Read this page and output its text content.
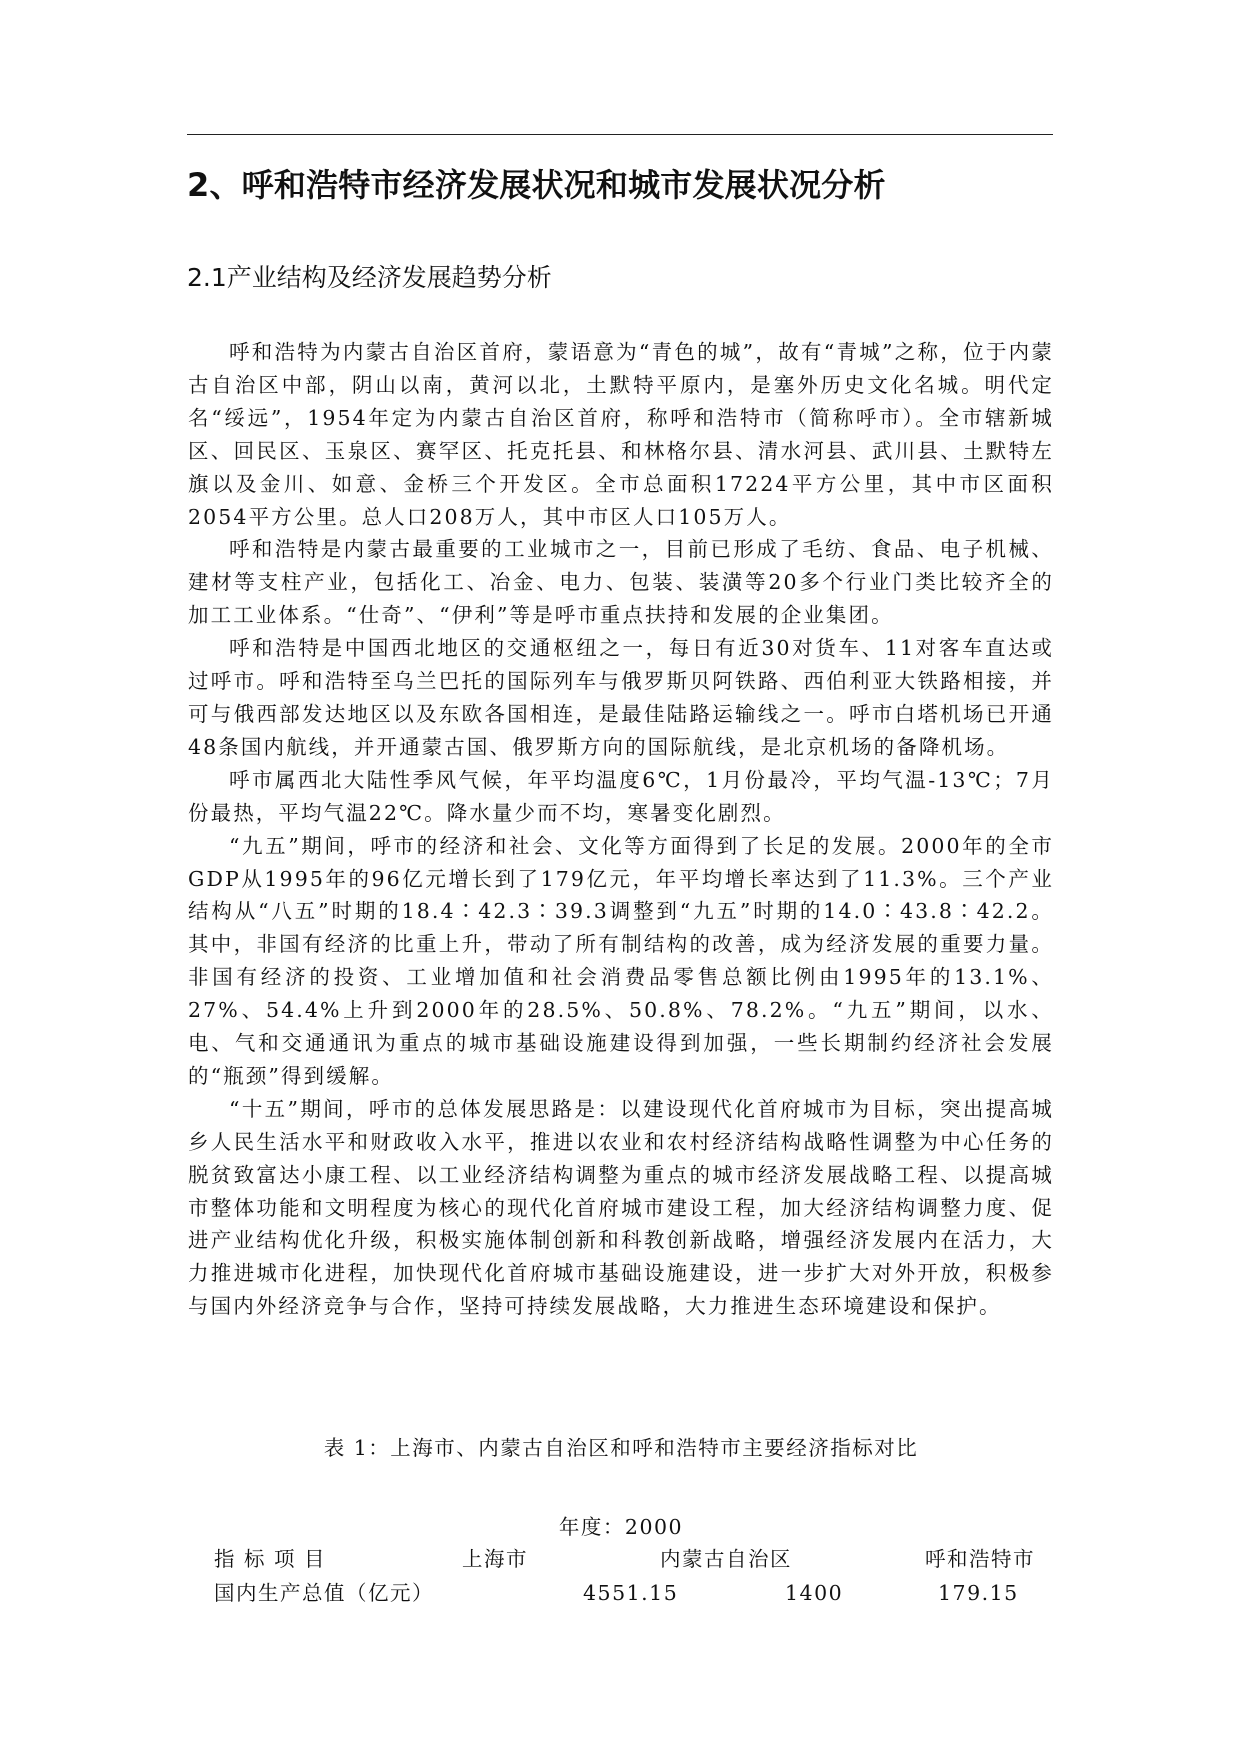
2、呼和浩特市经济发展状况和城市发展状况分析
2.1产业结构及经济发展趋势分析

呼和浩特为内蒙古自治区首府，蒙语意为“青色的城”，故有“青城”之称，位于内蒙古自治区中部，阴山以南，黄河以北，土默特平原内，是塞外历史文化名城。明代定名“绥远”，1954年定为内蒙古自治区首府，称呼和浩特市（简称呼市）。全市辖新城区、回民区、玉泉区、赛罕区、托克托县、和林格尔县、清水河县、武川县、土默特左旗以及金川、如意、金桥三个开发区。全市总面积17224平方公里，其中市区面积2054平方公里。总人口208万人，其中市区人口105万人。

呼和浩特是内蒙古最重要的工业城市之一，目前已形成了毛纺、食品、电子机械、建材等支柱产业，包括化工、冶金、电力、包装、装潢等20多个行业门类比较齐全的加工工业体系。“仕奇”、“伊利”等是呼市重点扶持和发展的企业集团。

呼和浩特是中国西北地区的交通枢纽之一，每日有近30对货车、11对客车直达或过呼市。呼和浩特至乌兰巴托的国际列车与俄罗斯贝阿铁路、西伯利亚大铁路相接，并可与俄西部发达地区以及东欧各国相连，是最佳陆路运输线之一。呼市白塔机场已开通48条国内航线，并开通蒙古国、俄罗斯方向的国际航线，是北京机场的备降机场。

呼市属西北大陆性季风气候，年平均温度6℃，1月份最冷，平均气温-13℃；7月份最热，平均气温22℃。降水量少而不均，寒暑变化剧烈。

“九五”期间，呼市的经济和社会、文化等方面得到了长足的发展。2000年的全市GDP从1995年的96亿元增长到了179亿元，年平均增长率达到了11.3%。三个产业结构从“八五”时期的18.4∶42.3∶39.3调整到“九五”时期的14.0∶43.8∶42.2。其中，非国有经济的比重上升，带动了所有制结构的改善，成为经济发展的重要力量。非国有经济的投资、工业增加值和社会消费品零售总额比例由1995年的13.1%、27%、54.4%上升到2000年的28.5%、50.8%、78.2%。“九五”期间，以水、电、气和交通通讯为重点的城市基础设施建设得到加强，一些长期制约经济社会发展的“瓶颈”得到缓解。

“十五”期间，呼市的总体发展思路是：以建设现代化首府城市为目标，突出提高城乡人民生活水平和财政收入水平，推进以农业和农村经济结构战略性调整为中心任务的脱贫致富达小康工程、以工业经济结构调整为重点的城市经济发展战略工程、以提高城市整体功能和文明程度为核心的现代化首府城市建设工程，加大经济结构调整力度、促进产业结构优化升级，积极实施体制创新和科教创新战略，增强经济发展内在活力，大力推进城市化进程，加快现代化首府城市基础设施建设，进一步扩大对外开放，积极参与国内外经济竞争与合作，坚持可持续发展战略，大力推进生态环境建设和保护。

表 1：上海市、内蒙古自治区和呼和浩特市主要经济指标对比
年度：2000
指 标 项 目	上海市	内蒙古自治区	呼和浩特市
国内生产总值（亿元）	4551.15	1400	179.15
